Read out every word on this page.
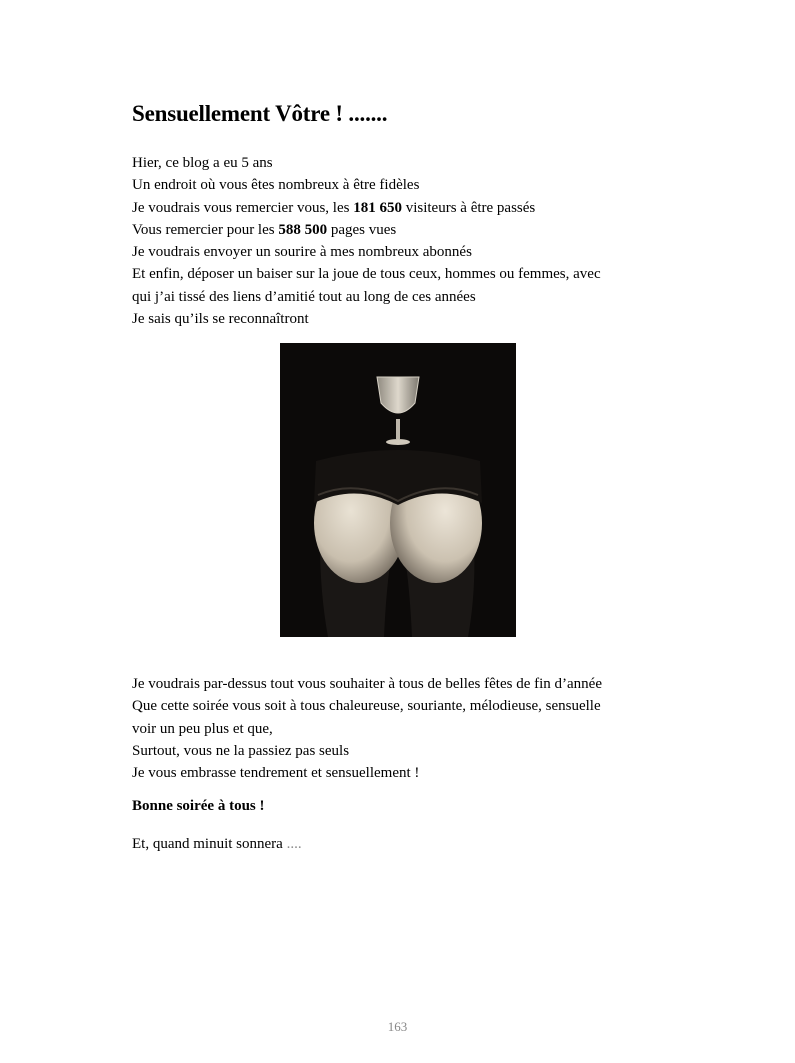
Sensuellement Vôtre ! .......

Hier, ce blog a eu 5 ans

Un endroit où vous êtes nombreux à être fidèles

Je voudrais vous remercier vous, les 181 650 visiteurs à être passés

Vous remercier pour les 588 500 pages vues

Je voudrais envoyer un sourire à mes nombreux abonnés

Et enfin, déposer un baiser sur la joue de tous ceux, hommes ou femmes, avec

qui j’ai tissé des liens d’amitié tout au long de ces années

Je sais qu’ils se reconnaîtront

Je voudrais par-dessus tout vous souhaiter à tous de belles fêtes de fin d’année

Que cette soirée vous soit à tous chaleureuse, souriante, mélodieuse, sensuelle

voir un peu plus et que,

Surtout, vous ne la passiez pas seuls

Je vous embrasse tendrement et sensuellement !

Bonne soirée à tous !

Et, quand minuit sonnera ....

163
